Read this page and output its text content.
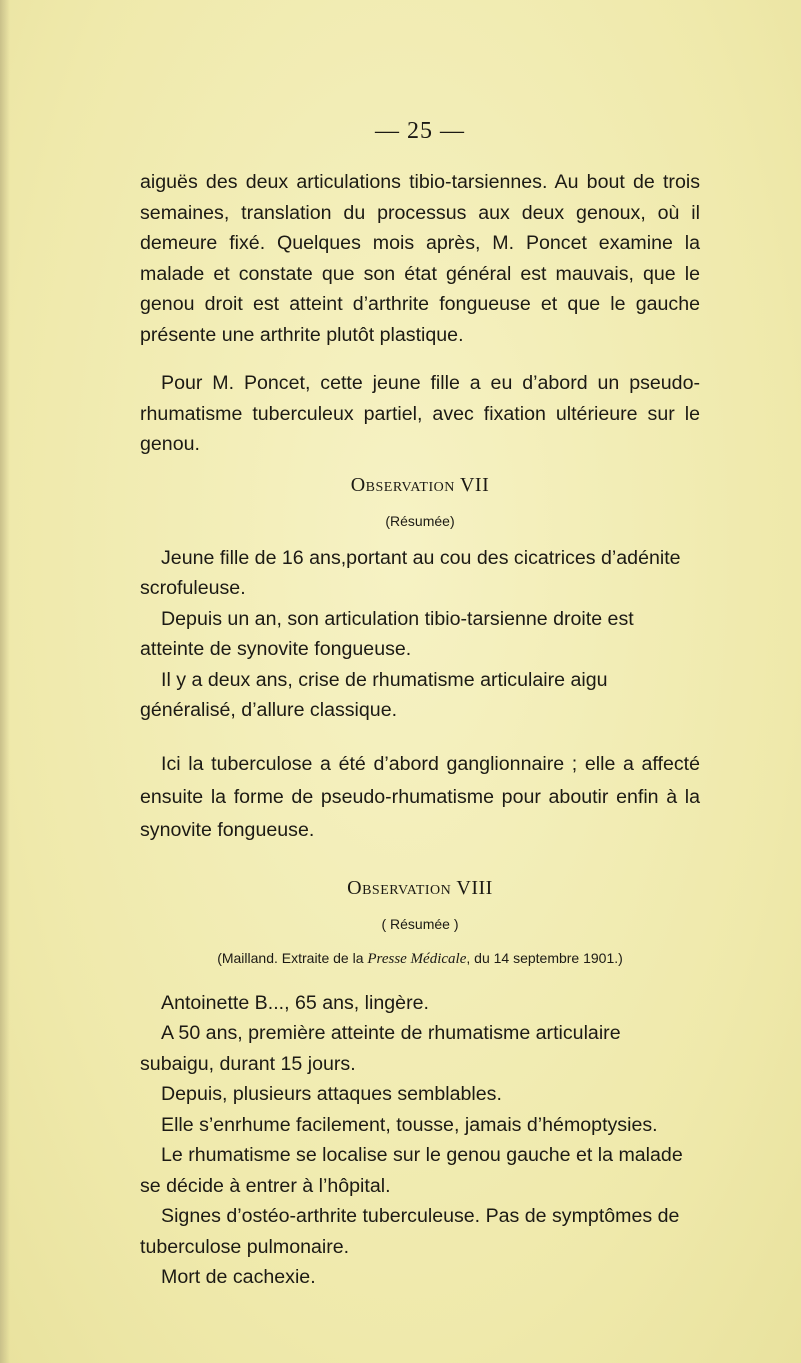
— 25 —

aiguës des deux articulations tibio-tarsiennes. Au bout de trois semaines, translation du processus aux deux genoux, où il demeure fixé. Quelques mois après, M. Poncet examine la malade et constate que son état général est mauvais, que le genou droit est atteint d’arthrite fongueuse et que le gauche présente une arthrite plutôt plastique.

Pour M. Poncet, cette jeune fille a eu d’abord un pseudo-rhumatisme tuberculeux partiel, avec fixation ultérieure sur le genou.

Observation VII
(Résumée)

Jeune fille de 16 ans,portant au cou des cicatrices d’adénite scrofuleuse.

Depuis un an, son articulation tibio-tarsienne droite est atteinte de synovite fongueuse.

Il y a deux ans, crise de rhumatisme articulaire aigu généralisé, d’allure classique.

Ici la tuberculose a été d’abord ganglionnaire ; elle a affecté ensuite la forme de pseudo-rhumatisme pour aboutir enfin à la synovite fongueuse.

Observation VIII
( Résumée )
(Mailland. Extraite de la Presse Médicale, du 14 septembre 1901.)

Antoinette B..., 65 ans, lingère.

A 50 ans, première atteinte de rhumatisme articulaire subaigu, durant 15 jours.

Depuis, plusieurs attaques semblables.

Elle s’enrhume facilement, tousse, jamais d’hémoptysies.

Le rhumatisme se localise sur le genou gauche et la malade se décide à entrer à l’hôpital.

Signes d’ostéo-arthrite tuberculeuse. Pas de symptômes de tuberculose pulmonaire.

Mort de cachexie.
